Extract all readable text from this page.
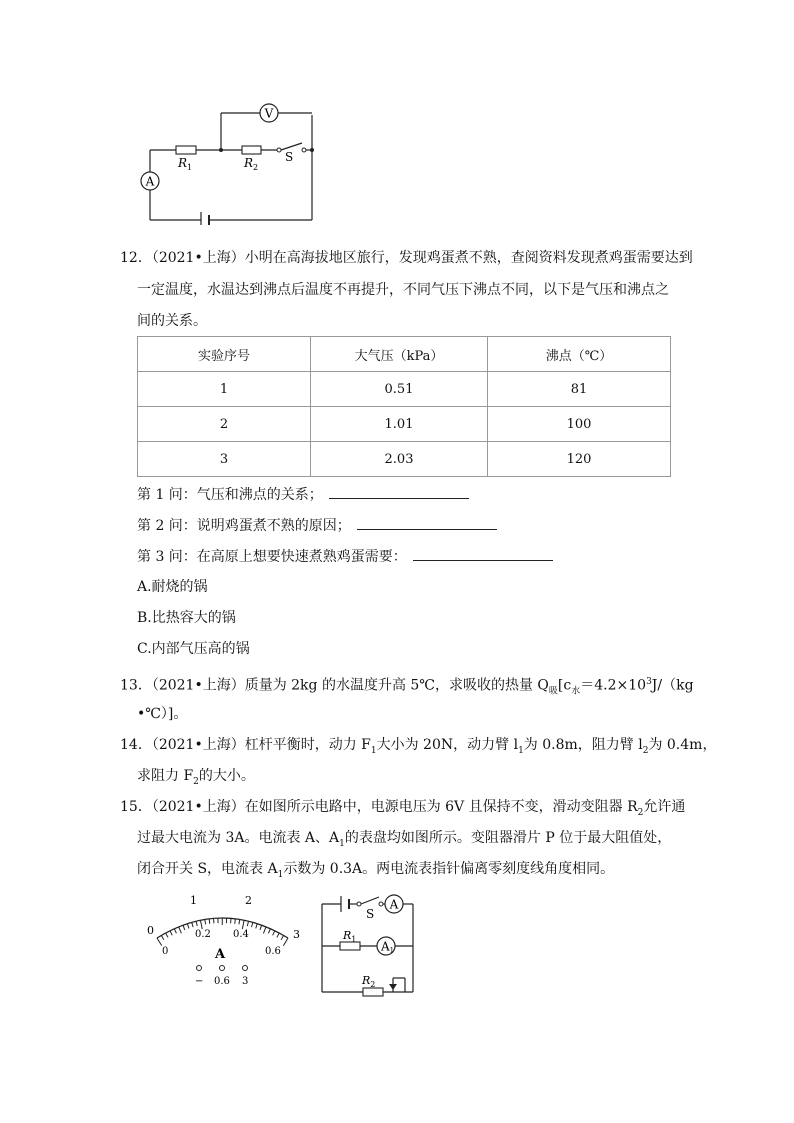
V
A
$R_1$	$R_2$
S
12．（2021•上海）小明在高海拔地区旅行，发现鸡蛋煮不熟，查阅资料发现煮鸡蛋需要达到
一定温度，水温达到沸点后温度不再提升，不同气压下沸点不同，以下是气压和沸点之
间的关系。
实验序号	大气压（kPa）	沸点（℃）
1	0.51	81
2	1.01	100
3	2.03	120
第 1 问：气压和沸点的关系；
第 2 问：说明鸡蛋煮不熟的原因；
第 3 问：在高原上想要快速煮熟鸡蛋需要：
A.耐烧的锅
B.比热容大的锅
C.内部气压高的锅
13．（2021•上海）质量为 2kg 的水温度升高 5℃，求吸收的热量 $Q_吸[c_水=4.2\times 10^3J/(kg$
•℃）]。
14．（2021•上海）杠杆平衡时，动力 $F_1$大小为 20N，动力臂 $l_1$为 0.8m，阻力臂 $l_2$为 0.4m，
求阻力 $F_2$的大小。
15．（2021•上海）在如图所示电路中，电源电压为 6V 且保持不变，滑动变阻器 $R_2$允许通
过最大电流为 3A。电流表 A、$A_1$的表盘均如图所示。变阻器滑片 P 位于最大阻值处，
闭合开关 S，电流表 $A_1$示数为 0.3A。两电流表指针偏离零刻度线角度相同。
0
1	2
3
0
0.2 0.4
0.6
A
− 0.6 3
S
A
$R_1$ A1
$R_2$
